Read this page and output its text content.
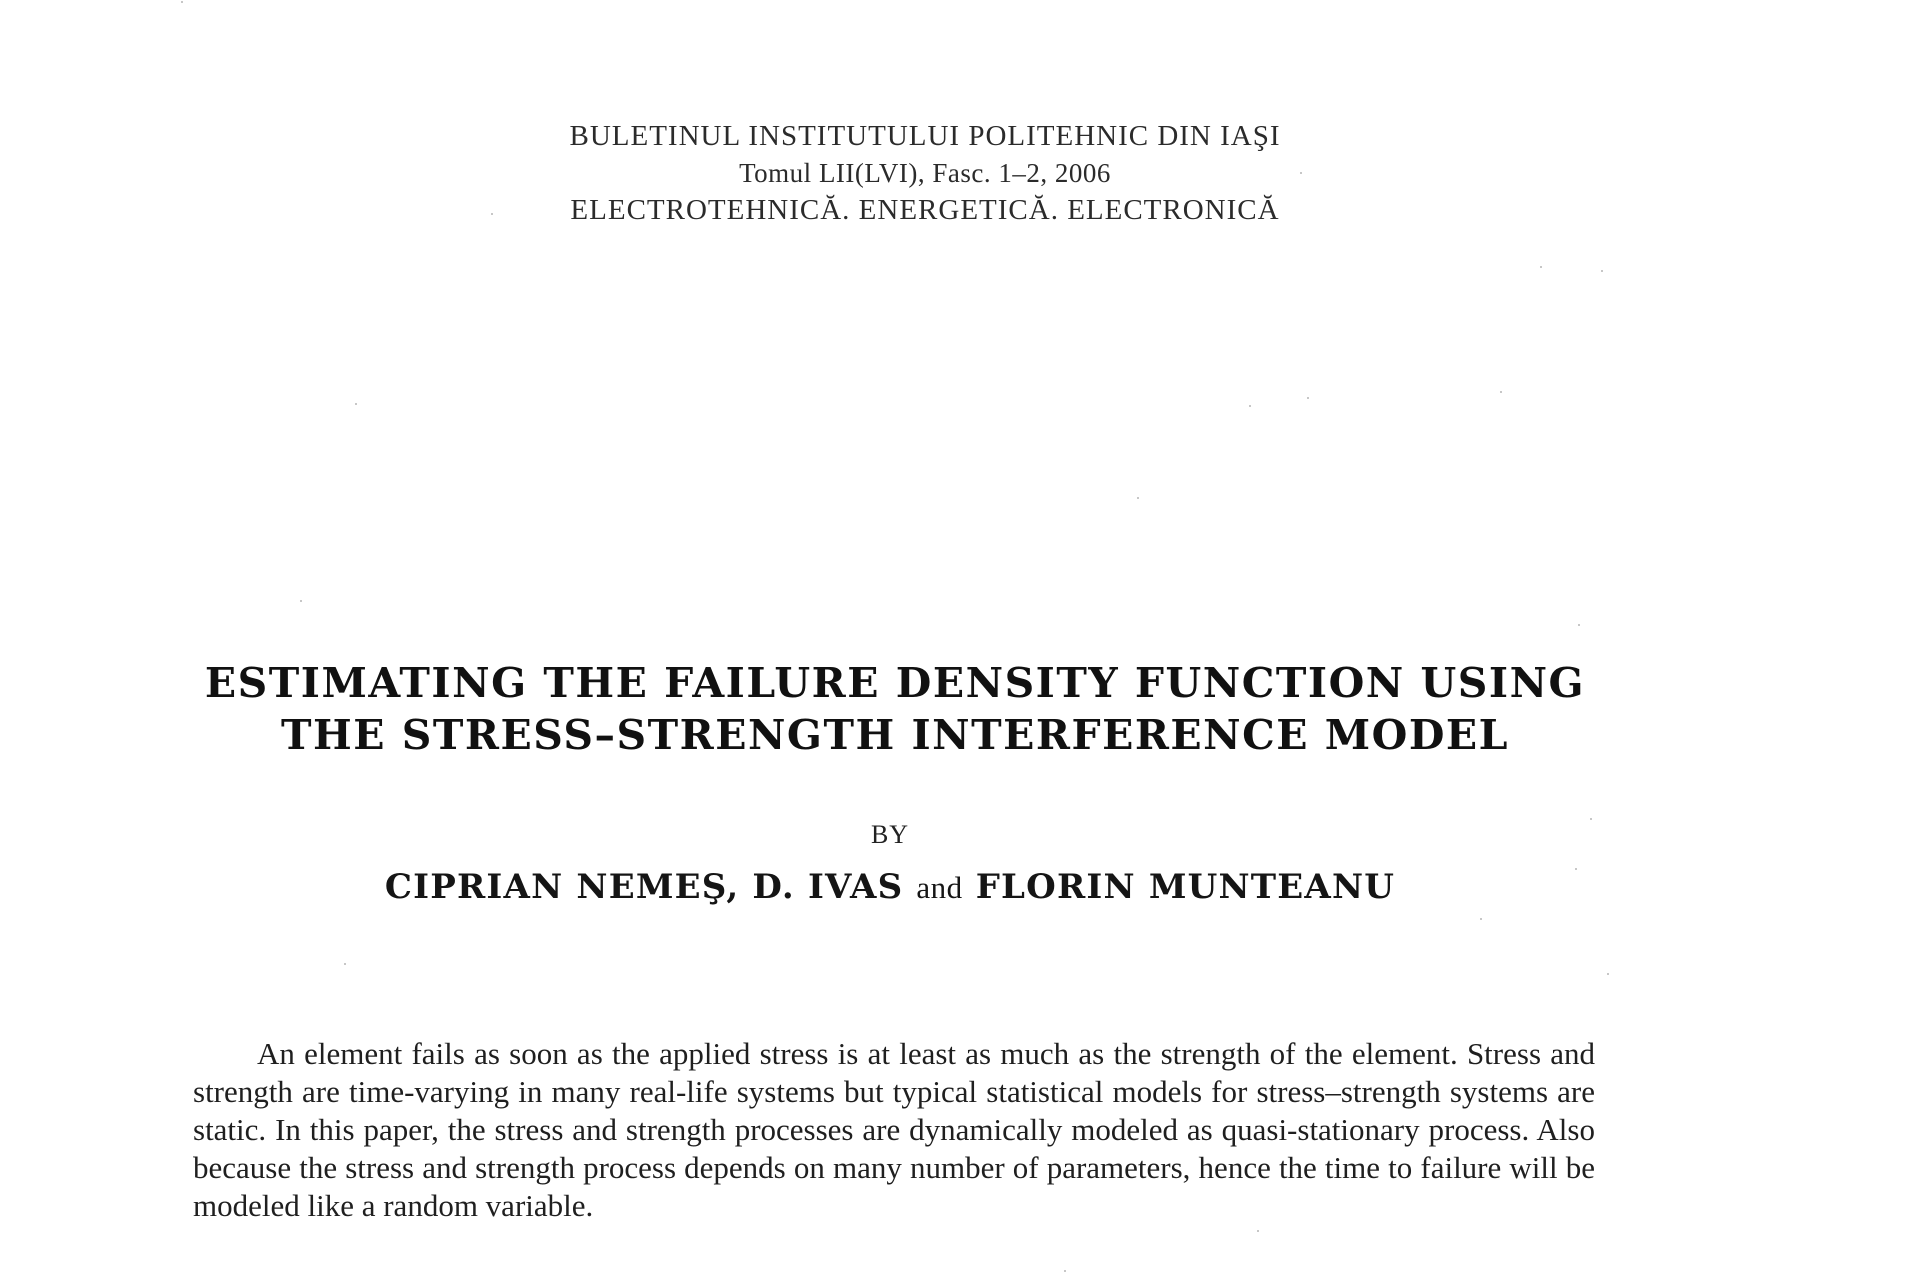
BULETINUL INSTITUTULUI POLITEHNIC DIN IAŞI
Tomul LII(LVI), Fasc. 1–2, 2006
ELECTROTEHNICĂ. ENERGETICĂ. ELECTRONICĂ
ESTIMATING THE FAILURE DENSITY FUNCTION USING
THE STRESS–STRENGTH INTERFERENCE MODEL
BY
CIPRIAN NEMEŞ, D. IVAS and FLORIN MUNTEANU

An element fails as soon as the applied stress is at least as much as the strength of the element. Stress and strength are time-varying in many real-life systems but typical statistical models for stress–strength systems are static. In this paper, the stress and strength processes are dynamically modeled as quasi-stationary process. Also because the stress and strength process depends on many number of parameters, hence the time to failure will be modeled like a random variable.
